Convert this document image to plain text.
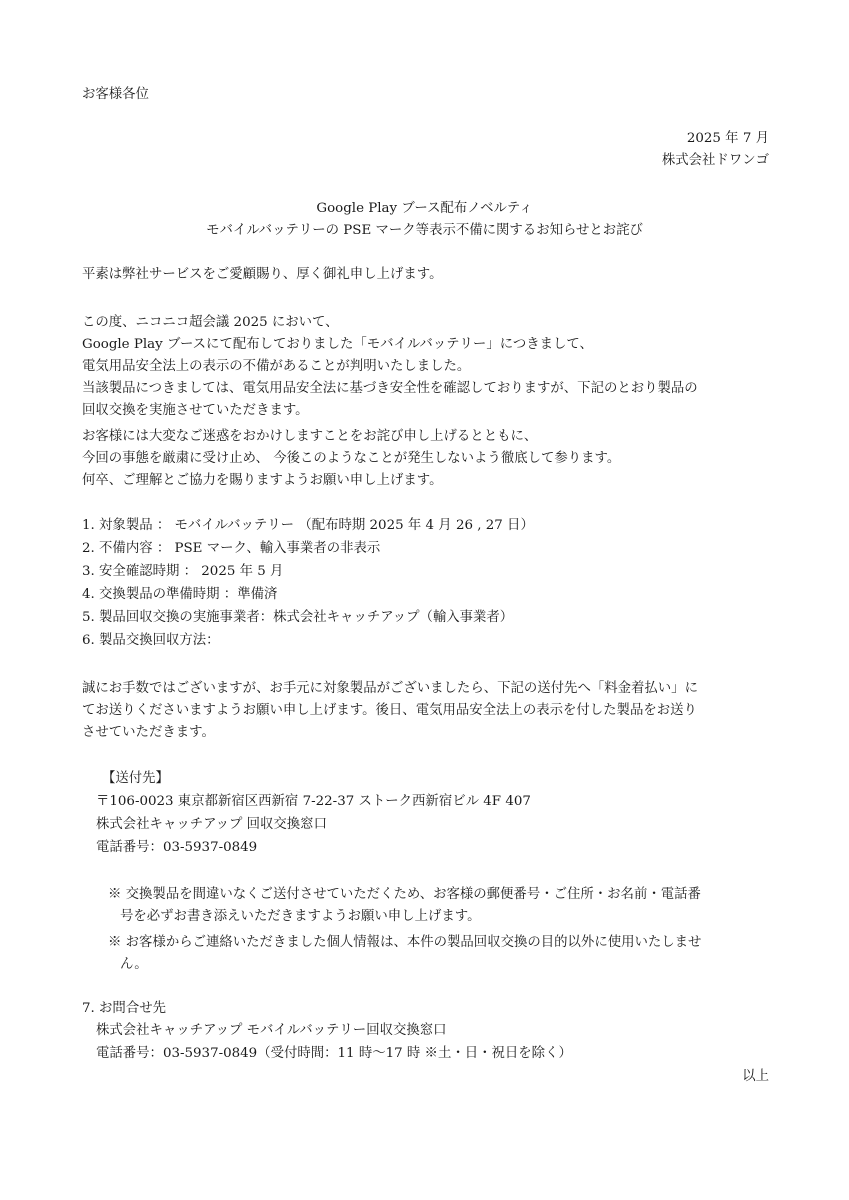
お客様各位
2025 年 7 月
株式会社ドワンゴ
Google Play ブース配布ノベルティ
モバイルバッテリーの PSE マーク等表示不備に関するお知らせとお詫び
平素は弊社サービスをご愛顧賜り、厚く御礼申し上げます。
この度、ニコニコ超会議 2025 において、
Google Play ブースにて配布しておりました「モバイルバッテリー」につきまして、
電気用品安全法上の表示の不備があることが判明いたしました。
当該製品につきましては、電気用品安全法に基づき安全性を確認しておりますが、下記のとおり製品の
回収交換を実施させていただきます。
お客様には大変なご迷惑をおかけしますことをお詫び申し上げるとともに、
今回の事態を厳粛に受け止め、 今後このようなことが発生しないよう徹底して参ります。
何卒、ご理解とご協力を賜りますようお願い申し上げます。
1. 対象製品 ： モバイルバッテリー （配布時期 2025 年 4 月 26 , 27 日）
2. 不備内容 ： PSE マーク、輸入事業者の非表示
3. 安全確認時期 ： 2025 年 5 月
4. 交換製品の準備時期 ：準備済
5. 製品回収交換の実施事業者：株式会社キャッチアップ（輸入事業者）
6. 製品交換回収方法：
誠にお手数ではございますが、お手元に対象製品がございましたら、下記の送付先へ「料金着払い」に
てお送りくださいますようお願い申し上げます。後日、電気用品安全法上の表示を付した製品をお送り
させていただきます。
【送付先】
〒106-0023 東京都新宿区西新宿 7-22-37 ストーク西新宿ビル 4F 407
株式会社キャッチアップ 回収交換窓口
電話番号：03-5937-0849
※ 交換製品を間違いなくご送付させていただくため、お客様の郵便番号・ご住所・お名前・電話番
号を必ずお書き添えいただきますようお願い申し上げます。
※ お客様からご連絡いただきました個人情報は、本件の製品回収交換の目的以外に使用いたしませ
ん。
7. お問合せ先
株式会社キャッチアップ モバイルバッテリー回収交換窓口
電話番号：03-5937-0849（受付時間：11 時〜17 時 ※土・日・祝日を除く）
以上
